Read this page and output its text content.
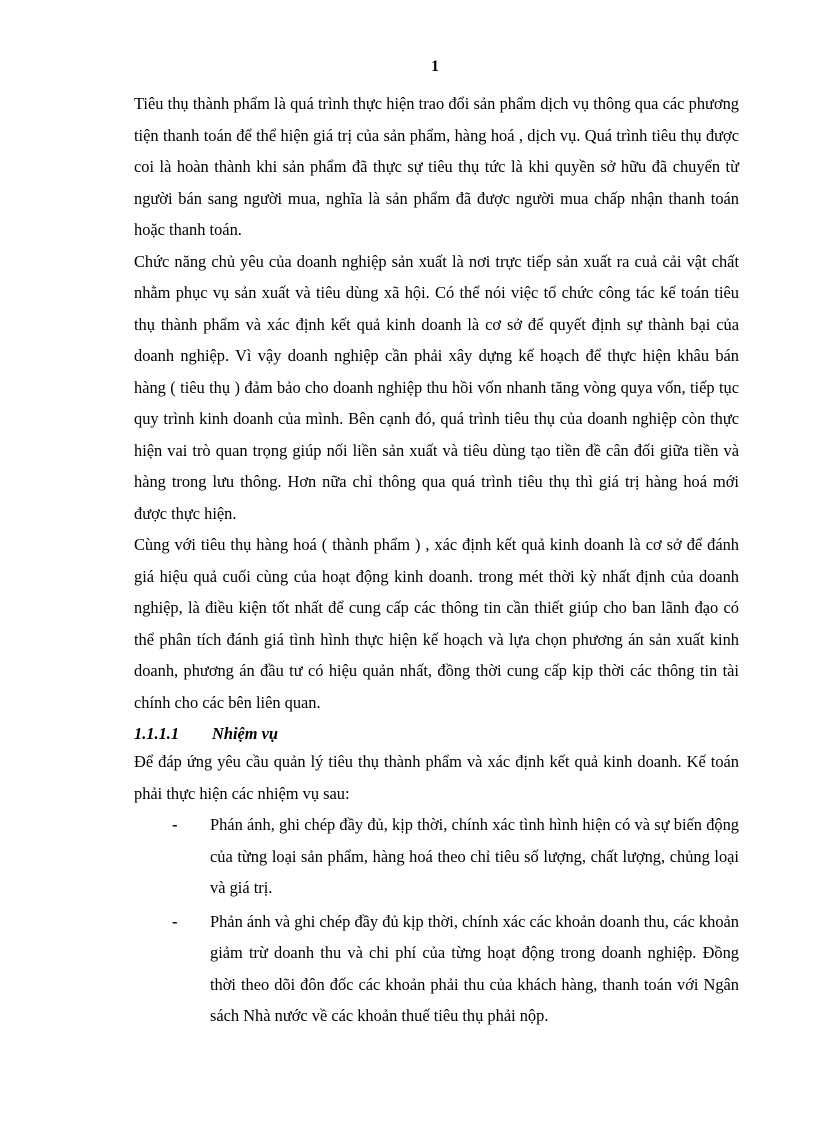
1

Tiêu thụ thành phẩm là quá trình thực hiện trao đổi sản phẩm dịch vụ thông qua các phương tiện thanh toán để thể hiện giá trị của sản phẩm, hàng hoá , dịch vụ. Quá trình tiêu thụ được coi là hoàn thành khi sản phẩm đã thực sự tiêu thụ tức là khi quyền sở hữu đã chuyển từ người bán sang người mua, nghĩa là sản phẩm đã được người mua chấp nhận thanh toán hoặc thanh toán.

Chức năng chủ yêu của doanh nghiệp sản xuất là nơi trực tiếp sản xuất ra cuả cải vật chất nhằm phục vụ sản xuất và tiêu dùng xã hội. Có thể nói việc tổ chức công tác kế toán tiêu thụ thành phẩm và xác định kết quả kinh doanh là cơ sở để quyết định sự thành bại của doanh nghiệp. Vì vậy doanh nghiệp cần phải xây dựng kế hoạch để thực hiện khâu bán hàng ( tiêu thụ ) đảm bảo cho doanh nghiệp thu hồi vốn nhanh tăng vòng quya vốn, tiếp tục quy trình kinh doanh của mình. Bên cạnh đó, quá trình tiêu thụ của doanh nghiệp còn thực hiện vai trò quan trọng giúp nối liền sản xuất và tiêu dùng tạo tiền đề cân đối giữa tiền và hàng trong lưu thông. Hơn nữa chỉ thông qua quá trình tiêu thụ thì giá trị hàng hoá mới được thực hiện.

Cùng với tiêu thụ hàng hoá ( thành phẩm ) , xác định kết quả kinh doanh là cơ sở để đánh giá hiệu quả cuối cùng của hoạt động kinh doanh. trong mét thời kỳ nhất định của doanh nghiệp, là điều kiện tốt nhất để cung cấp các thông tin cần thiết giúp cho ban lãnh đạo có thể phân tích đánh giá tình hình thực hiện kế hoạch và lựa chọn phương án sản xuất kinh doanh, phương án đầu tư có hiệu quản nhất, đồng thời cung cấp kịp thời các thông tin tài chính cho các bên liên quan.

1.1.1.1	Nhiệm vụ

Để đáp ứng yêu cầu quản lý tiêu thụ thành phẩm và xác định kết quả kinh doanh. Kế toán phải thực hiện các nhiệm vụ sau:

- Phán ánh, ghi chép đầy đủ, kịp thời, chính xác tình hình hiện có và sự biến động của từng loại sản phẩm, hàng hoá theo chỉ tiêu số lượng, chất lượng, chủng loại và giá trị.
- Phản ánh và ghi chép đầy đủ kịp thời, chính xác các khoản doanh thu, các khoản giảm trừ doanh thu và chi phí của từng hoạt động trong doanh nghiệp. Đồng thời theo dõi đôn đốc các khoản phải thu của khách hàng, thanh toán với Ngân sách Nhà nước về các khoản thuế tiêu thụ phải nộp.
